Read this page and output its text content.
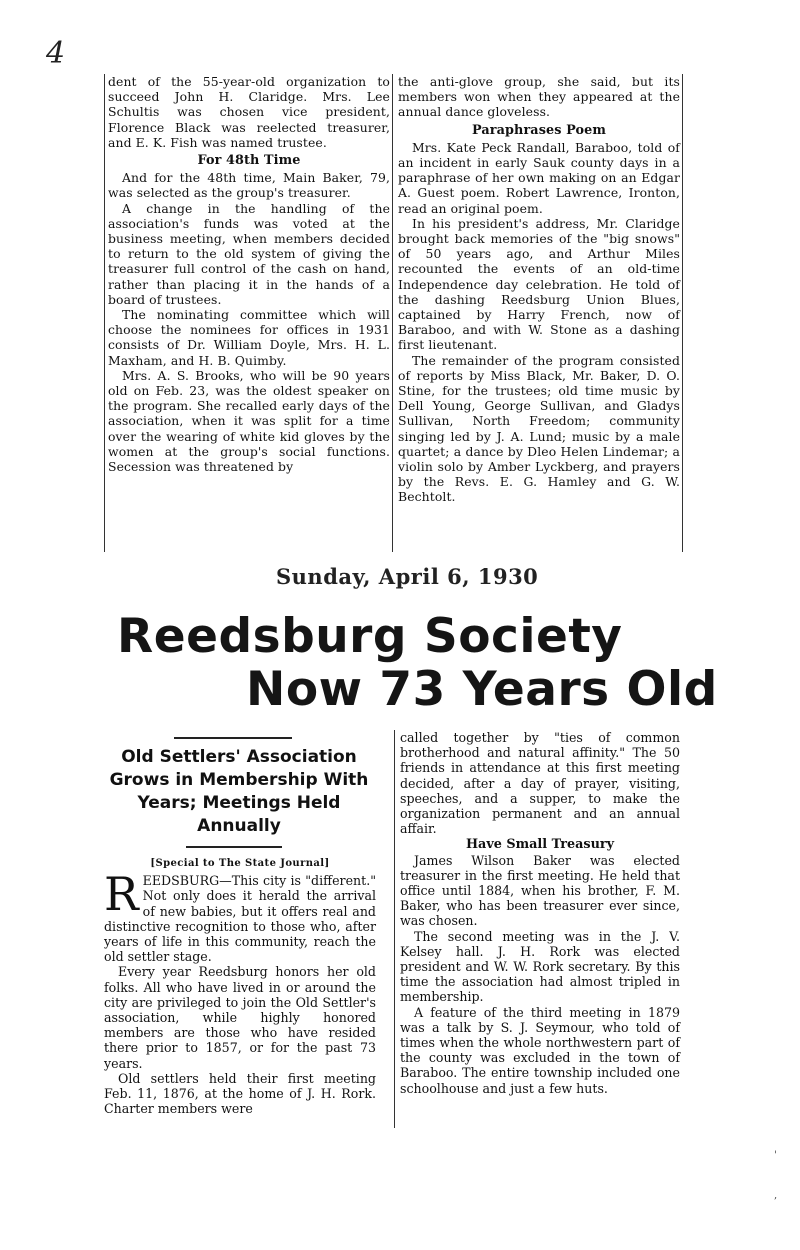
4

dent of the 55-year-old organization to succeed John H. Claridge. Mrs. Lee Schultis was chosen vice president, Florence Black was reelected treasurer, and E. K. Fish was named trustee.

For 48th Time

And for the 48th time, Main Baker, 79, was selected as the group's treasurer.

A change in the handling of the association's funds was voted at the business meeting, when members decided to return to the old system of giving the treasurer full control of the cash on hand, rather than placing it in the hands of a board of trustees.

The nominating committee which will choose the nominees for offices in 1931 consists of Dr. William Doyle, Mrs. H. L. Maxham, and H. B. Quimby.

Mrs. A. S. Brooks, who will be 90 years old on Feb. 23, was the oldest speaker on the program. She recalled early days of the association, when it was split for a time over the wearing of white kid gloves by the women at the group's social functions. Secession was threatened by

the anti-glove group, she said, but its members won when they appeared at the annual dance gloveless.

Paraphrases Poem

Mrs. Kate Peck Randall, Baraboo, told of an incident in early Sauk county days in a paraphrase of her own making on an Edgar A. Guest poem. Robert Lawrence, Ironton, read an original poem.

In his president's address, Mr. Claridge brought back memories of the "big snows" of 50 years ago, and Arthur Miles recounted the events of an old-time Independence day celebration. He told of the dashing Reedsburg Union Blues, captained by Harry French, now of Baraboo, and with W. Stone as a dashing first lieutenant.

The remainder of the program consisted of reports by Miss Black, Mr. Baker, D. O. Stine, for the trustees; old time music by Dell Young, George Sullivan, and Gladys Sullivan, North Freedom; community singing led by J. A. Lund; music by a male quartet; a dance by Dleo Helen Lindemar; a violin solo by Amber Lyckberg, and prayers by the Revs. E. G. Hamley and G. W. Bechtolt.

Sunday, April 6, 1930
Reedsburg Society
Now 73 Years Old
Old Settlers' Association Grows in Membership With Years; Meetings Held Annually
[Special to The State Journal]

REEDSBURG—This city is "different." Not only does it herald the arrival of new babies, but it offers real and distinctive recognition to those who, after years of life in this community, reach the old settler stage.

Every year Reedsburg honors her old folks. All who have lived in or around the city are privileged to join the Old Settler's association, while highly honored members are those who have resided there prior to 1857, or for the past 73 years.

Old settlers held their first meeting Feb. 11, 1876, at the home of J. H. Rork. Charter members were

called together by "ties of common brotherhood and natural affinity." The 50 friends in attendance at this first meeting decided, after a day of prayer, visiting, speeches, and a supper, to make the organization permanent and an annual affair.

Have Small Treasury

James Wilson Baker was elected treasurer in the first meeting. He held that office until 1884, when his brother, F. M. Baker, who has been treasurer ever since, was chosen.

The second meeting was in the J. V. Kelsey hall. J. H. Rork was elected president and W. W. Rork secretary. By this time the association had almost tripled in membership.

A feature of the third meeting in 1879 was a talk by S. J. Seymour, who told of times when the whole northwestern part of the county was excluded in the town of Baraboo. The entire township included one schoolhouse and just a few huts.

'
,
